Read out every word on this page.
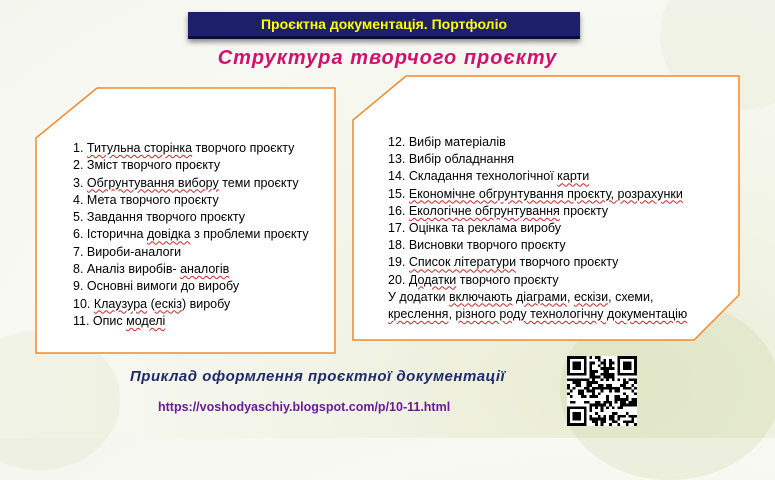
Проєктна документація. Портфоліо
Структура творчого проєкту
1. Титульна сторінка творчого проєкту
2. Зміст творчого проєкту
3. Обгрунтування вибору теми проєкту
4. Мета творчого проєкту
5. Завдання творчого проєкту
6. Історична довідка з проблеми проєкту
7. Вироби-аналоги
8. Аналіз виробів- аналогів
9. Основні вимоги до виробу
10. Клаузура (ескіз) виробу
11. Опис моделі
12. Вибір матеріалів
13. Вибір обладнання
14. Складання технологічної карти
15. Економічне обгрунтування проєкту, розрахунки
16. Екологічне обгрунтування проєкту
17. Оцінка та реклама виробу
18. Висновки творчого проєкту
19. Список літератури творчого проєкту
20. Додатки творчого проєкту
У додатки включають діаграми, ескізи, схеми,
креслення, різного роду технологічну документацію
Приклад оформлення проєктної документації
https://voshodyaschiy.blogspot.com/p/10-11.html
